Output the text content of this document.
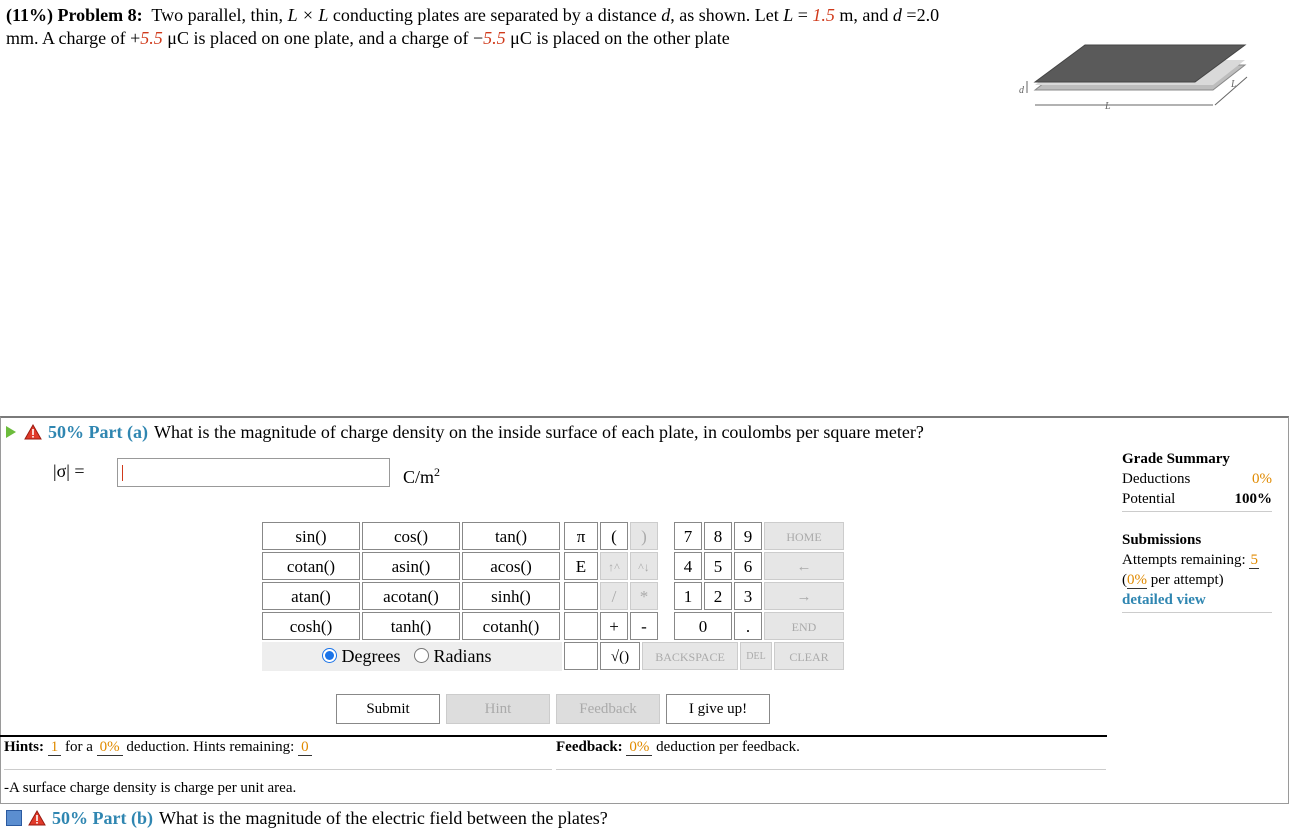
(11%) Problem 8: Two parallel, thin, L × L conducting plates are separated by a distance d, as shown. Let L = 1.5 m, and d =2.0 mm. A charge of +5.5 μC is placed on one plate, and a charge of −5.5 μC is placed on the other plate
d
L
L
50% Part (a) What is the magnitude of charge density on the inside surface of each plate, in coulombs per square meter?
|σ| =	$C/m^2$
sin()	cos()	tan()
cotan()	asin()	acos()
atan()	acotan()	sinh()
cosh()	tanh()	cotanh()
π	(	)
E	↑^	^↓
/	*
+	-
√()
7	8	9
4	5	6
1	2	3
0	.
HOME
←
→
END
BACKSPACE	DEL	CLEAR
Degrees Radians
Submit	Hint	Feedback	I give up!
Grade Summary
Deductions	0%
Potential	100%
Submissions
Attempts remaining: 5
(0% per attempt)
detailed view
Hints: 1 for a 0% deduction. Hints remaining: 0	Feedback: 0% deduction per feedback.
-A surface charge density is charge per unit area.
50% Part (b) What is the magnitude of the electric field between the plates?
